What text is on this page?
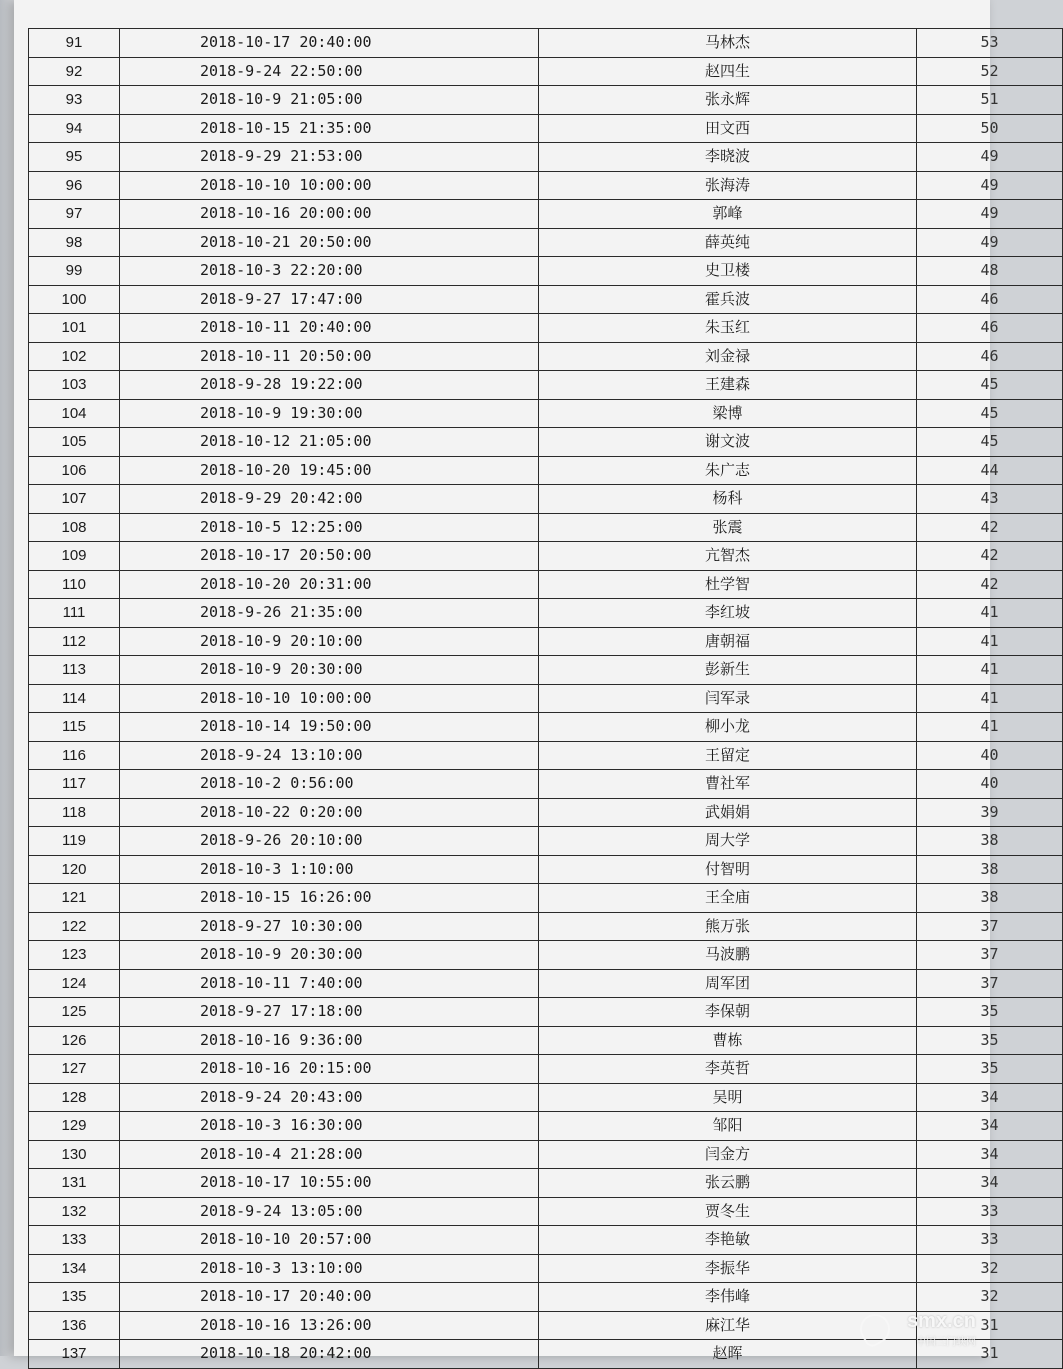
91	2018-10-17 20:40:00	马林杰	53
92	2018-9-24 22:50:00	赵四生	52
93	2018-10-9 21:05:00	张永辉	51
94	2018-10-15 21:35:00	田文西	50
95	2018-9-29 21:53:00	李晓波	49
96	2018-10-10 10:00:00	张海涛	49
97	2018-10-16 20:00:00	郭峰	49
98	2018-10-21 20:50:00	薛英纯	49
99	2018-10-3 22:20:00	史卫楼	48
100	2018-9-27 17:47:00	霍兵波	46
101	2018-10-11 20:40:00	朱玉红	46
102	2018-10-11 20:50:00	刘金禄	46
103	2018-9-28 19:22:00	王建森	45
104	2018-10-9 19:30:00	梁博	45
105	2018-10-12 21:05:00	谢文波	45
106	2018-10-20 19:45:00	朱广志	44
107	2018-9-29 20:42:00	杨科	43
108	2018-10-5 12:25:00	张震	42
109	2018-10-17 20:50:00	亢智杰	42
110	2018-10-20 20:31:00	杜学智	42
111	2018-9-26 21:35:00	李红坡	41
112	2018-10-9 20:10:00	唐朝福	41
113	2018-10-9 20:30:00	彭新生	41
114	2018-10-10 10:00:00	闫军录	41
115	2018-10-14 19:50:00	柳小龙	41
116	2018-9-24 13:10:00	王留定	40
117	2018-10-2 0:56:00	曹社军	40
118	2018-10-22 0:20:00	武娟娟	39
119	2018-9-26 20:10:00	周大学	38
120	2018-10-3 1:10:00	付智明	38
121	2018-10-15 16:26:00	王全庙	38
122	2018-9-27 10:30:00	熊万张	37
123	2018-10-9 20:30:00	马波鹏	37
124	2018-10-11 7:40:00	周军团	37
125	2018-9-27 17:18:00	李保朝	35
126	2018-10-16 9:36:00	曹栋	35
127	2018-10-16 20:15:00	李英哲	35
128	2018-9-24 20:43:00	吴明	34
129	2018-10-3 16:30:00	邹阳	34
130	2018-10-4 21:28:00	闫金方	34
131	2018-10-17 10:55:00	张云鹏	34
132	2018-9-24 13:05:00	贾冬生	33
133	2018-10-10 20:57:00	李艳敏	33
134	2018-10-3 13:10:00	李振华	32
135	2018-10-17 20:40:00	李伟峰	32
136	2018-10-16 13:26:00	麻江华	31
137	2018-10-18 20:42:00	赵晖	31
smx.cn
中国三门峡网
